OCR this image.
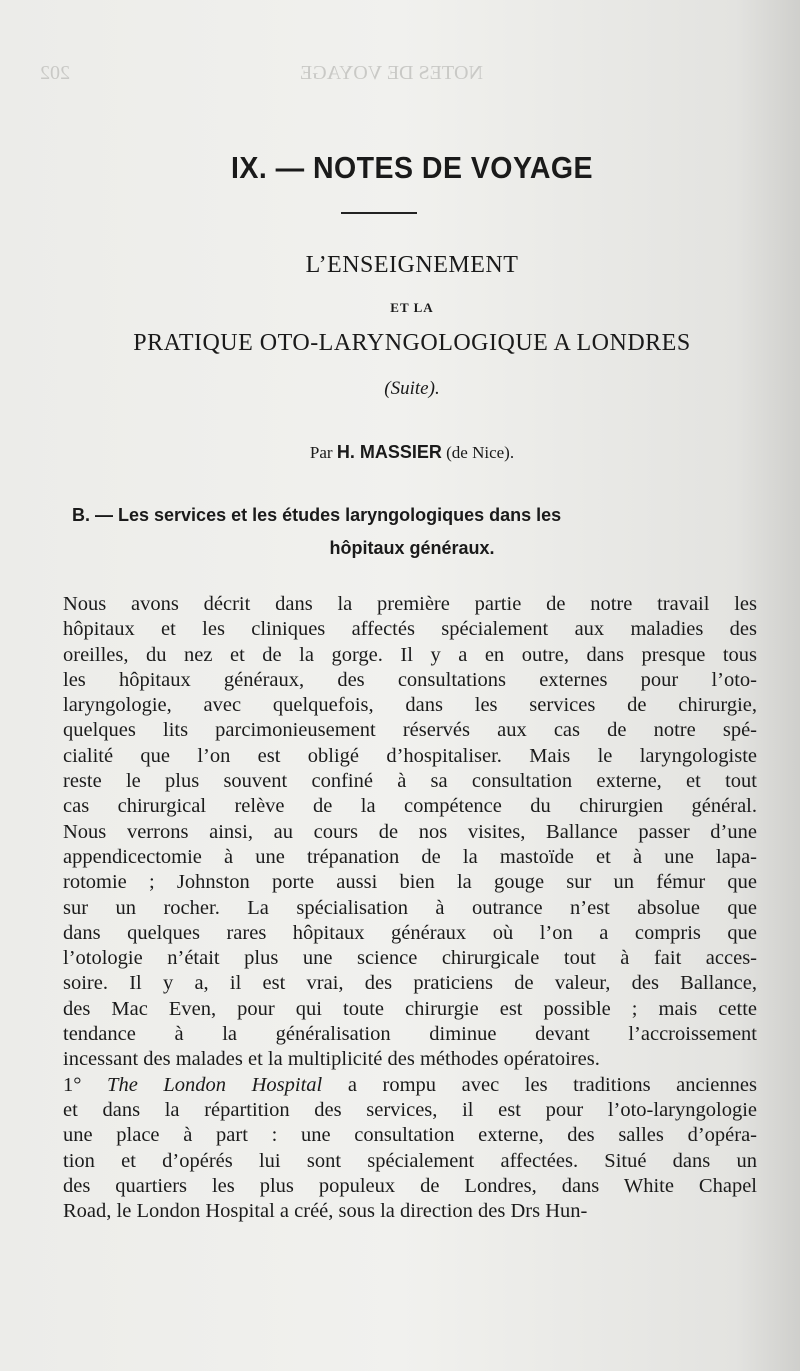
202	NOTES DE VOYAGE
IX. — NOTES DE VOYAGE
L’ENSEIGNEMENT
ET LA
PRATIQUE OTO-LARYNGOLOGIQUE A LONDRES
(Suite).
Par H. MASSIER (de Nice).
B. — Les services et les études laryngologiques dans les
hôpitaux généraux.
Nous avons décrit dans la première partie de notre travail les
hôpitaux et les cliniques affectés spécialement aux maladies des
oreilles, du nez et de la gorge. Il y a en outre, dans presque tous
les hôpitaux généraux, des consultations externes pour l’oto-
laryngologie, avec quelquefois, dans les services de chirurgie,
quelques lits parcimonieusement réservés aux cas de notre spé-
cialité que l’on est obligé d’hospitaliser. Mais le laryngologiste
reste le plus souvent confiné à sa consultation externe, et tout
cas chirurgical relève de la compétence du chirurgien général.
Nous verrons ainsi, au cours de nos visites, Ballance passer d’une
appendicectomie à une trépanation de la mastoïde et à une lapa-
rotomie ; Johnston porte aussi bien la gouge sur un fémur que
sur un rocher. La spécialisation à outrance n’est absolue que
dans quelques rares hôpitaux généraux où l’on a compris que
l’otologie n’était plus une science chirurgicale tout à fait acces-
soire. Il y a, il est vrai, des praticiens de valeur, des Ballance,
des Mac Even, pour qui toute chirurgie est possible ; mais cette
tendance à la généralisation diminue devant l’accroissement
incessant des malades et la multiplicité des méthodes opératoires.
1° The London Hospital a rompu avec les traditions anciennes
et dans la répartition des services, il est pour l’oto-laryngologie
une place à part : une consultation externe, des salles d’opéra-
tion et d’opérés lui sont spécialement affectées. Situé dans un
des quartiers les plus populeux de Londres, dans White Chapel
Road, le London Hospital a créé, sous la direction des Drs Hun-
